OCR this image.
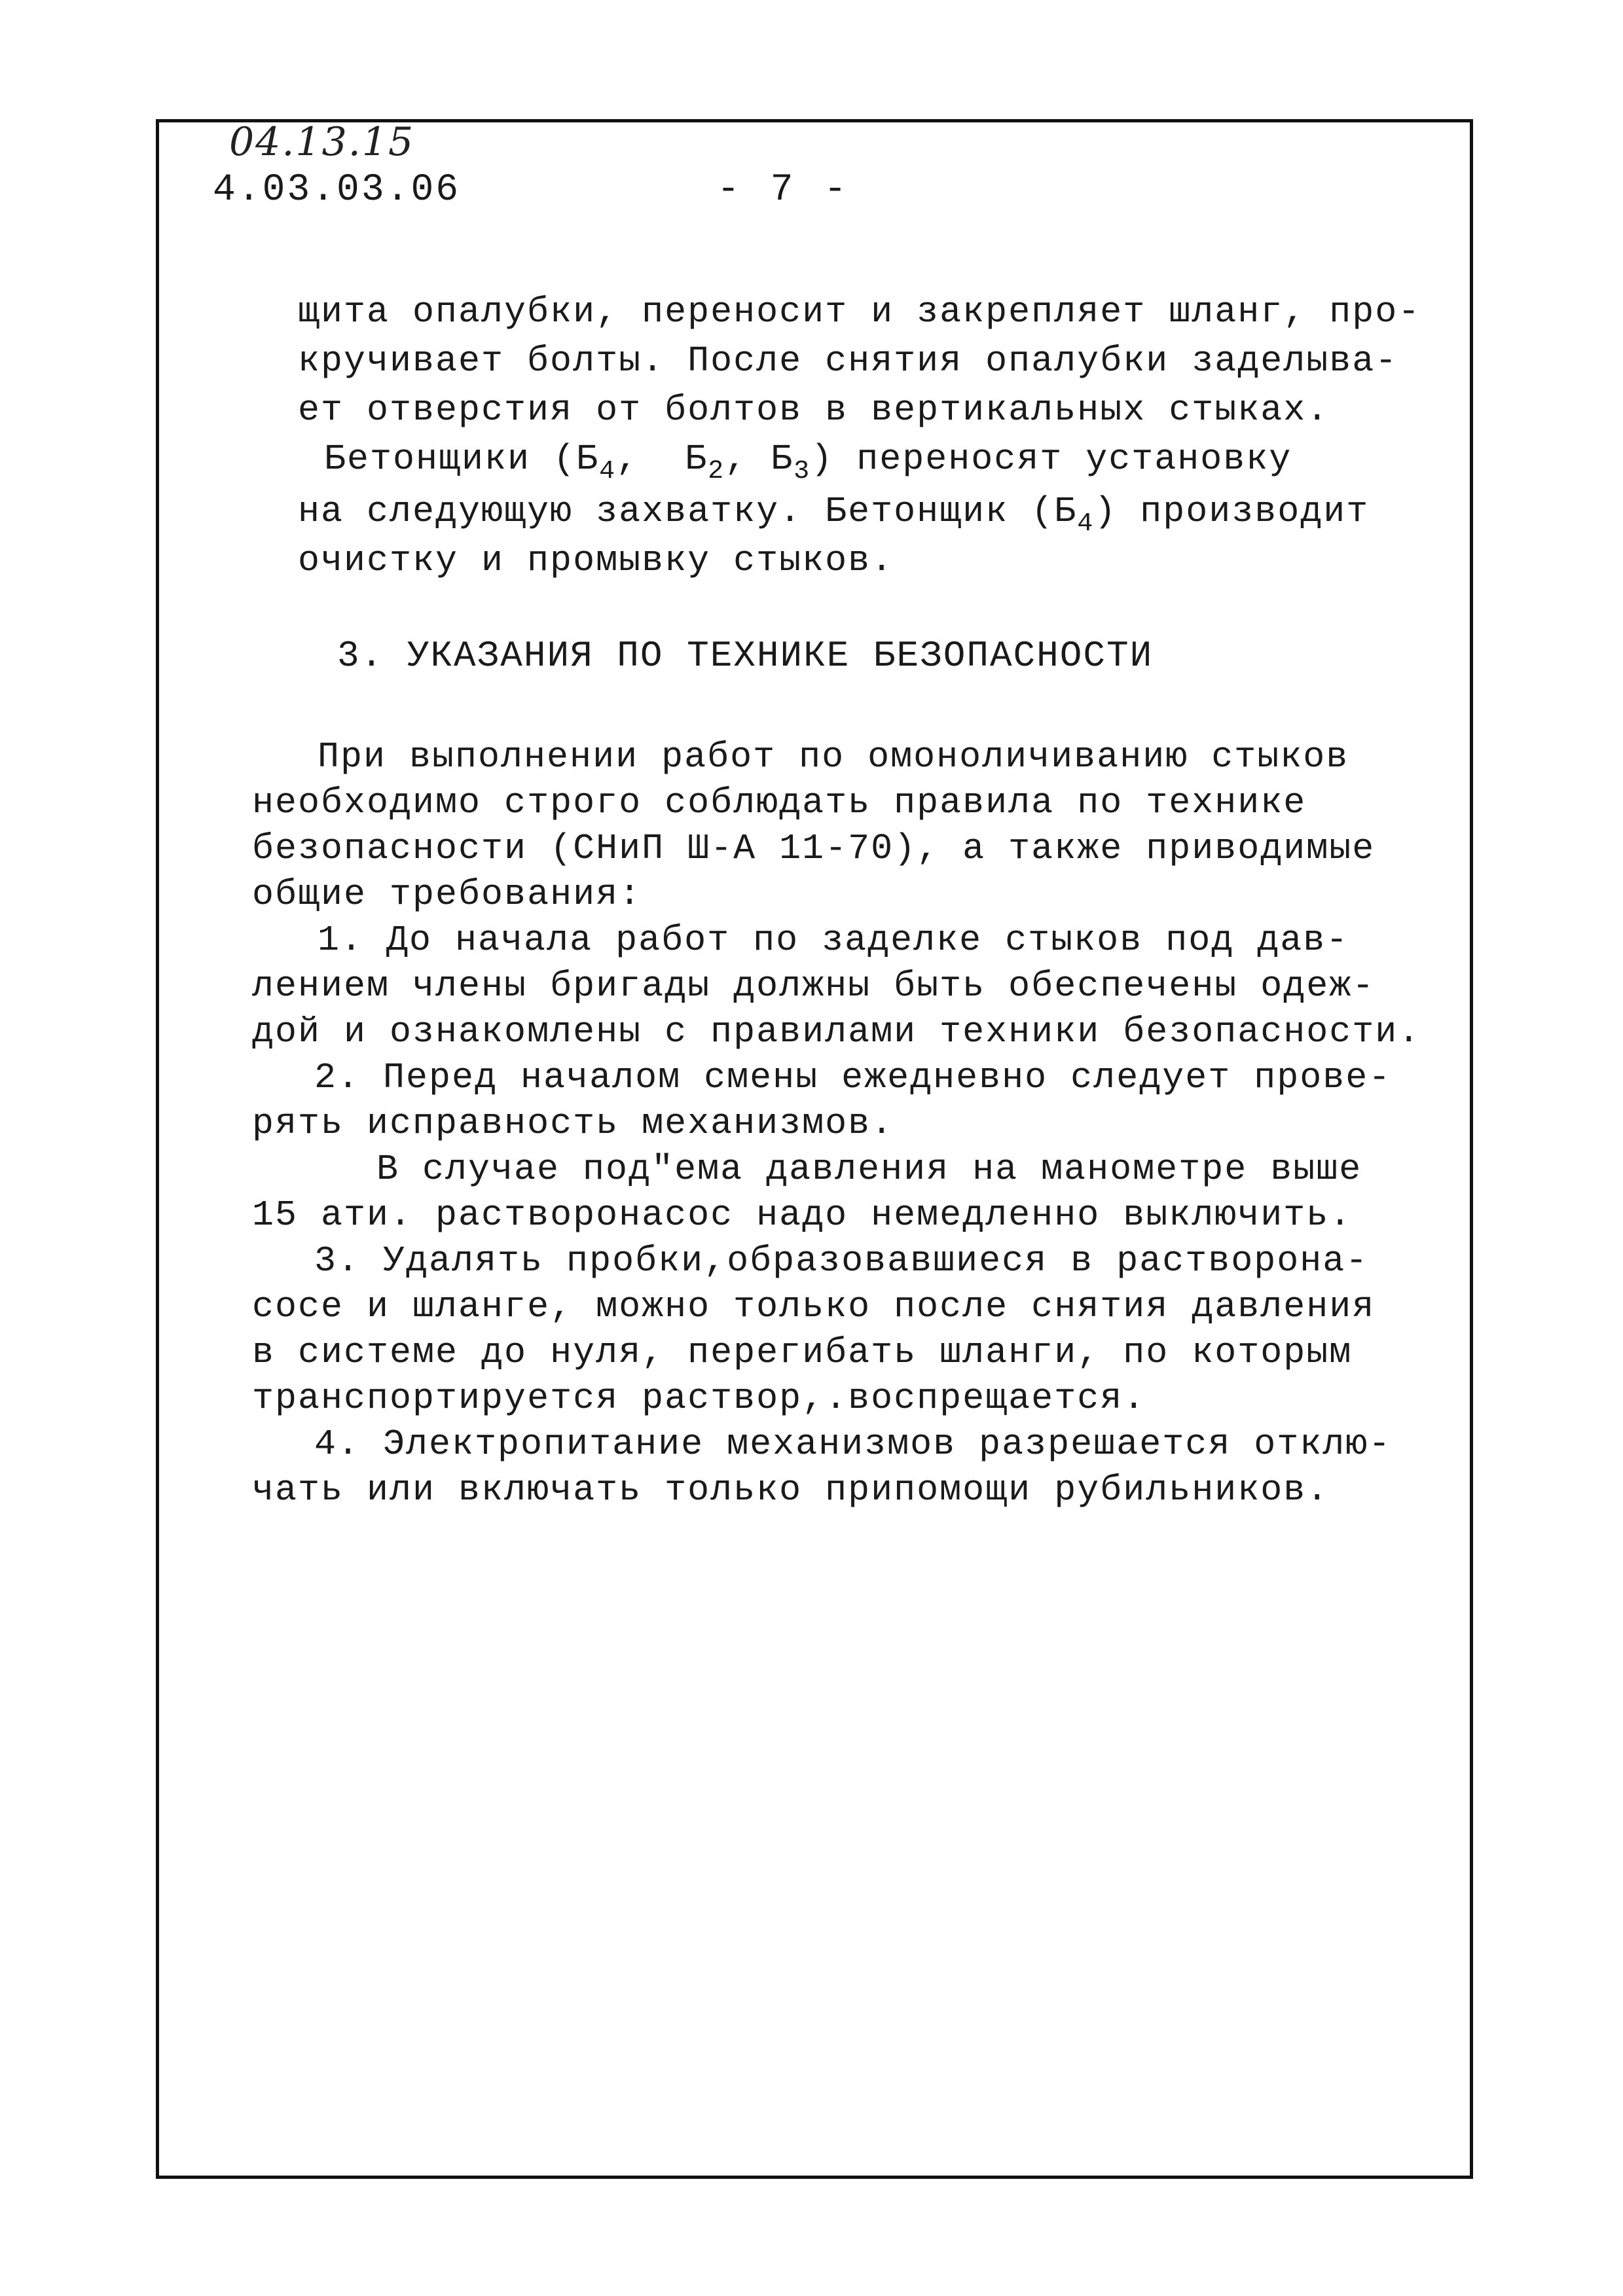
04.13.15
4.03.03.06	- 7 -
щита опалубки, переносит и закрепляет шланг, про-
кручивает болты. После снятия опалубки заделыва-
ет отверстия от болтов в вертикальных стыках.
Бетонщики ($Б_4$,  $Б_2$, $Б_3$) переносят установку
на следующую захватку. Бетонщик $(Б_4)$ производит
очистку и промывку стыков.
3. УКАЗАНИЯ ПО ТЕХНИКЕ БЕЗОПАСНОСТИ
При выполнении работ по омоноличиванию стыков
необходимо строго соблюдать правила по технике
безопасности (СНиП Ш-А 11-70), а также приводимые
общие требования:
1. До начала работ по заделке стыков под дав-
лением члены бригады должны быть обеспечены одеж-
дой и ознакомлены с правилами техники безопасности.
2. Перед началом смены ежедневно следует прове-
рять исправность механизмов.
В случае под"ема давления на манометре выше
15 ати. растворонасос надо немедленно выключить.
3. Удалять пробки,образовавшиеся в растворона-
сосе и шланге, можно только после снятия давления
в системе до нуля, перегибать шланги, по которым
транспортируется раствор,.воспрещается.
4. Электропитание механизмов разрешается отклю-
чать или включать только припомощи рубильников.
